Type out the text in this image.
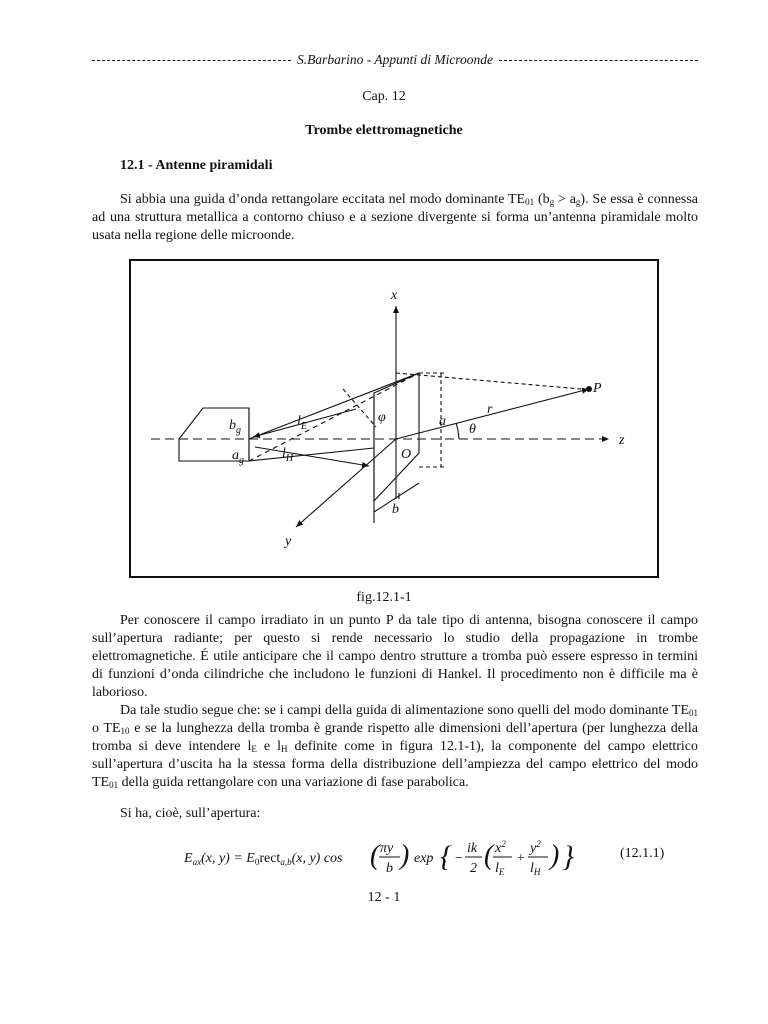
S.Barbarino - Appunti di Microonde
Cap. 12
Trombe elettromagnetiche
12.1 - Antenne piramidali

Si abbia una guida d’onda rettangolare eccitata nel modo dominante $TE_{01}$ $(b_g > a_g)$. Se essa è connessa ad una struttura metallica a contorno chiuso e a sezione divergente si forma un’antenna piramidale molto usata nella regione delle microonde.

x
y
z
P
r
θ
φ	a
O
b
$b_g$
$a_g$
$l_E$
$l_H$
fig.12.1-1

Per conoscere il campo irradiato in un punto P da tale tipo di antenna, bisogna conoscere il campo sull’apertura radiante; per questo si rende necessario lo studio della propagazione in trombe elettromagnetiche. É utile anticipare che il campo dentro strutture a tromba può essere espresso in termini di funzioni d’onda cilindriche che includono le funzioni di Hankel. Il procedimento non è difficile ma è laborioso.

Da tale studio segue che: se i campi della guida di alimentazione sono quelli del modo dominante $TE_{01}$ o $TE_{10}$ e se la lunghezza della tromba è grande rispetto alle dimensioni dell’apertura (per lunghezza della tromba si deve intendere $l_E$ e $l_H$ definite come in figura 12.1-1), la componente del campo elettrico sull’apertura d’uscita ha la stessa forma della distribuzione dell’ampiezza del campo elettrico del modo $TE_{01}$ della guida rettangolare con una variazione di fase parabolica.

Si ha, cioè, sull’apertura:

$E_{ax}(x$, $y) = E_0rect_{a,b}(x$, y) cos ( πy
b ) exp { −
ik
2 ( $x^2$
$l_E$
+
$y^2$
$l_H$
) }	(12.1.1)
12 - 1
